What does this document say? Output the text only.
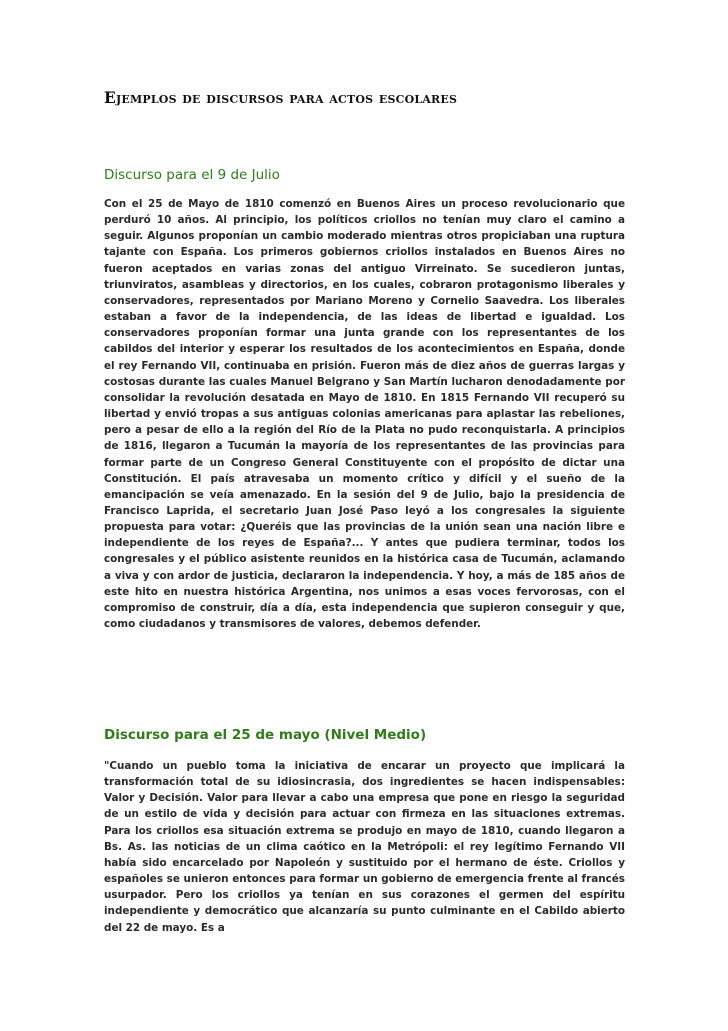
Ejemplos de discursos para actos escolares
Discurso para el 9 de Julio

Con el 25 de Mayo de 1810 comenzó en Buenos Aires un proceso revolucionario que perduró 10 años. Al principio, los políticos criollos no tenían muy claro el camino a seguir. Algunos proponían un cambio moderado mientras otros propiciaban una ruptura tajante con España. Los primeros gobiernos criollos instalados en Buenos Aires no fueron aceptados en varias zonas del antiguo Virreinato. Se sucedieron juntas, triunviratos, asambleas y directorios, en los cuales, cobraron protagonismo liberales y conservadores, representados por Mariano Moreno y Cornelio Saavedra. Los liberales estaban a favor de la independencia, de las ideas de libertad e igualdad. Los conservadores proponían formar una junta grande con los representantes de los cabildos del interior y esperar los resultados de los acontecimientos en España, donde el rey Fernando VII, continuaba en prisión. Fueron más de diez años de guerras largas y costosas durante las cuales Manuel Belgrano y San Martín lucharon denodadamente por consolidar la revolución desatada en Mayo de 1810. En 1815 Fernando VII recuperó su libertad y envió tropas a sus antiguas colonias americanas para aplastar las rebeliones, pero a pesar de ello a la región del Río de la Plata no pudo reconquistarla. A principios de 1816, llegaron a Tucumán la mayoría de los representantes de las provincias para formar parte de un Congreso General Constituyente con el propósito de dictar una Constitución. El país atravesaba un momento crítico y difícil y el sueño de la emancipación se veía amenazado. En la sesión del 9 de Julio, bajo la presidencia de Francisco Laprida, el secretario Juan José Paso leyó a los congresales la siguiente propuesta para votar: ¿Queréis que las provincias de la unión sean una nación libre e independiente de los reyes de España?... Y antes que pudiera terminar, todos los congresales y el público asistente reunidos en la histórica casa de Tucumán, aclamando a viva y con ardor de justicia, declararon la independencia. Y hoy, a más de 185 años de este hito en nuestra histórica Argentina, nos unimos a esas voces fervorosas, con el compromiso de construir, día a día, esta independencia que supieron conseguir y que, como ciudadanos y transmisores de valores, debemos defender.

Discurso para el 25 de mayo (Nivel Medio)

"Cuando un pueblo toma la iniciativa de encarar un proyecto que implicará la transformación total de su idiosincrasia, dos ingredientes se hacen indispensables: Valor y Decisión. Valor para llevar a cabo una empresa que pone en riesgo la seguridad de un estilo de vida y decisión para actuar con firmeza en las situaciones extremas. Para los criollos esa situación extrema se produjo en mayo de 1810, cuando llegaron a Bs. As. las noticias de un clima caótico en la Metrópoli: el rey legítimo Fernando VII había sido encarcelado por Napoleón y sustituido por el hermano de éste. Criollos y españoles se unieron entonces para formar un gobierno de emergencia frente al francés usurpador. Pero los criollos ya tenían en sus corazones el germen del espíritu independiente y democrático que alcanzaría su punto culminante en el Cabildo abierto del 22 de mayo. Es a
